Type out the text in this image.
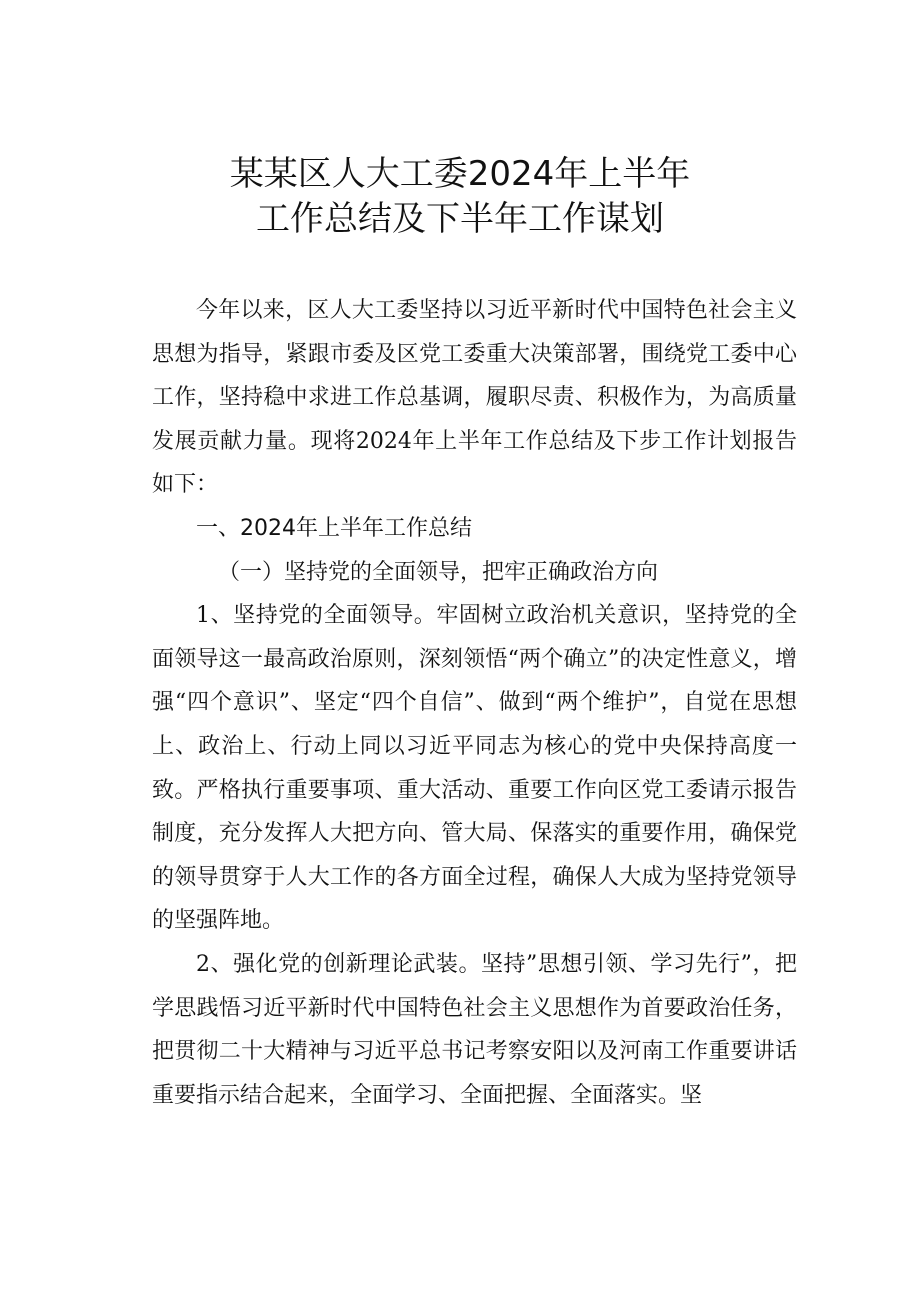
某某区人大工委2024年上半年
工作总结及下半年工作谋划

今年以来，区人大工委坚持以习近平新时代中国特色社会主义思想为指导，紧跟市委及区党工委重大决策部署，围绕党工委中心工作，坚持稳中求进工作总基调，履职尽责、积极作为，为高质量发展贡献力量。现将2024年上半年工作总结及下步工作计划报告如下：

一、2024年上半年工作总结

（一）坚持党的全面领导，把牢正确政治方向

1、坚持党的全面领导。牢固树立政治机关意识，坚持党的全面领导这一最高政治原则，深刻领悟“两个确立”的决定性意义，增强“四个意识”、坚定“四个自信”、做到“两个维护”，自觉在思想上、政治上、行动上同以习近平同志为核心的党中央保持高度一致。严格执行重要事项、重大活动、重要工作向区党工委请示报告制度，充分发挥人大把方向、管大局、保落实的重要作用，确保党的领导贯穿于人大工作的各方面全过程，确保人大成为坚持党领导的坚强阵地。

2、强化党的创新理论武装。坚持”思想引领、学习先行”，把学思践悟习近平新时代中国特色社会主义思想作为首要政治任务，把贯彻二十大精神与习近平总书记考察安阳以及河南工作重要讲话重要指示结合起来，全面学习、全面把握、全面落实。坚
